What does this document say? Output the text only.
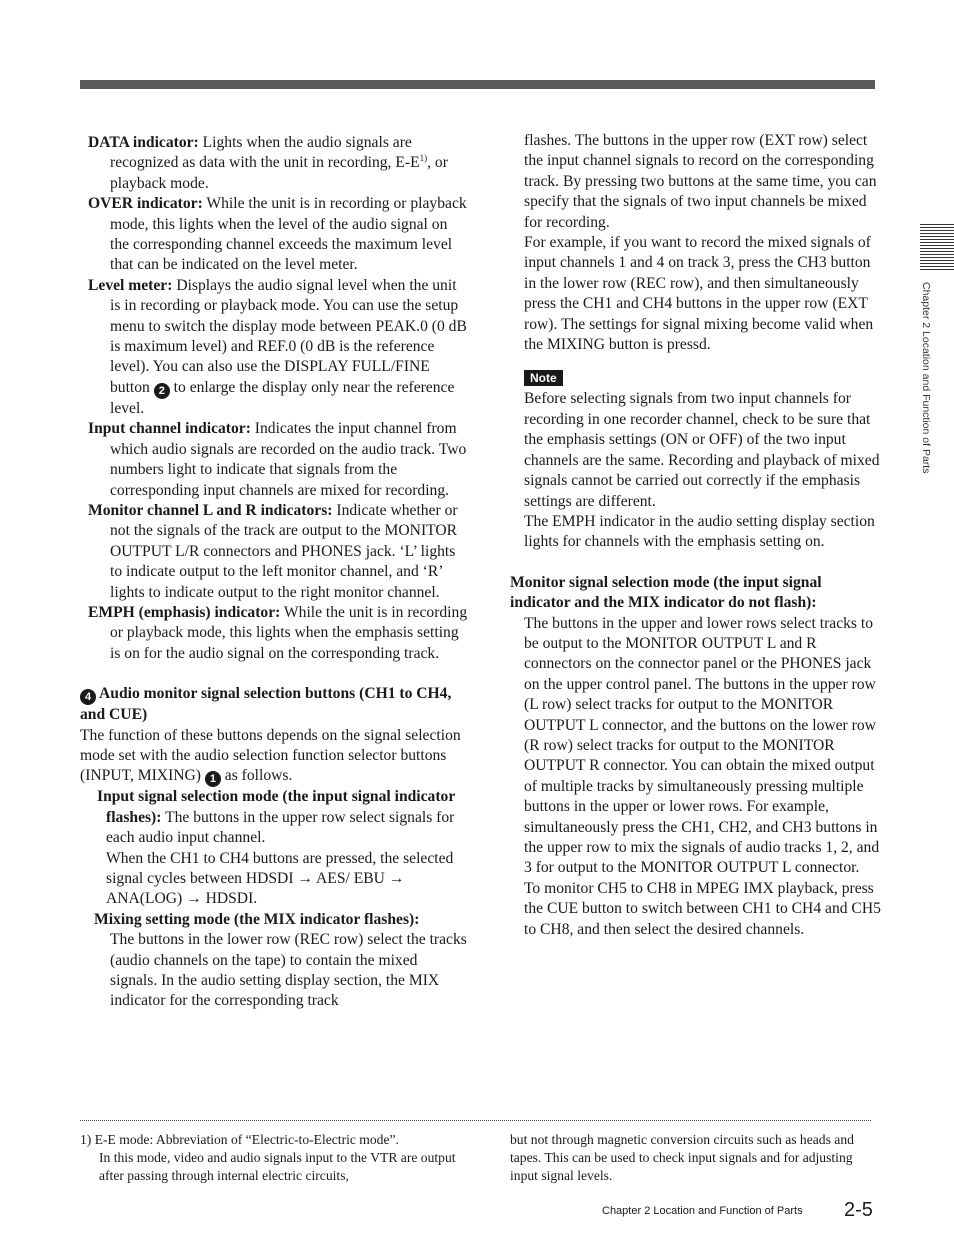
Chapter 2 Location and Function of Parts

DATA indicator: Lights when the audio signals are recognized as data with the unit in recording, $E-E^{1)}$, or playback mode.

OVER indicator: While the unit is in recording or playback mode, this lights when the level of the audio signal on the corresponding channel exceeds the maximum level that can be indicated on the level meter.

Level meter: Displays the audio signal level when the unit is in recording or playback mode. You can use the setup menu to switch the display mode between PEAK.0 (0 dB is maximum level) and REF.0 (0 dB is the reference level). You can also use the DISPLAY FULL/FINE button 2 to enlarge the display only near the reference level.

Input channel indicator: Indicates the input channel from which audio signals are recorded on the audio track. Two numbers light to indicate that signals from the corresponding input channels are mixed for recording.

Monitor channel L and R indicators: Indicate whether or not the signals of the track are output to the MONITOR OUTPUT L/R connectors and PHONES jack. ‘L’ lights to indicate output to the left monitor channel, and ‘R’ lights to indicate output to the right monitor channel.

EMPH (emphasis) indicator: While the unit is in recording or playback mode, this lights when the emphasis setting is on for the audio signal on the corresponding track.

4 Audio monitor signal selection buttons (CH1 to CH4, and CUE)

The function of these buttons depends on the signal selection mode set with the audio selection function selector buttons (INPUT, MIXING) 1 as follows.

Input signal selection mode (the input signal indicator flashes): The buttons in the upper row select signals for each audio input channel.

When the CH1 to CH4 buttons are pressed, the selected signal cycles between HDSDI → AES/ EBU → ANA(LOG) → HDSDI.

Mixing setting mode (the MIX indicator flashes):

The buttons in the lower row (REC row) select the tracks (audio channels on the tape) to contain the mixed signals. In the audio setting display section, the MIX indicator for the corresponding track

flashes. The buttons in the upper row (EXT row) select the input channel signals to record on the corresponding track. By pressing two buttons at the same time, you can specify that the signals of two input channels be mixed for recording.

For example, if you want to record the mixed signals of input channels 1 and 4 on track 3, press the CH3 button in the lower row (REC row), and then simultaneously press the CH1 and CH4 buttons in the upper row (EXT row). The settings for signal mixing become valid when the MIXING button is pressd.

Note

Before selecting signals from two input channels for recording in one recorder channel, check to be sure that the emphasis settings (ON or OFF) of the two input channels are the same. Recording and playback of mixed signals cannot be carried out correctly if the emphasis settings are different.

The EMPH indicator in the audio setting display section lights for channels with the emphasis setting on.

Monitor signal selection mode (the input signal indicator and the MIX indicator do not flash):

The buttons in the upper and lower rows select tracks to be output to the MONITOR OUTPUT L and R connectors on the connector panel or the PHONES jack on the upper control panel. The buttons in the upper row (L row) select tracks for output to the MONITOR OUTPUT L connector, and the buttons on the lower row (R row) select tracks for output to the MONITOR OUTPUT R connector. You can obtain the mixed output of multiple tracks by simultaneously pressing multiple buttons in the upper or lower rows. For example, simultaneously press the CH1, CH2, and CH3 buttons in the upper row to mix the signals of audio tracks 1, 2, and 3 for output to the MONITOR OUTPUT L connector.

To monitor CH5 to CH8 in MPEG IMX playback, press the CUE button to switch between CH1 to CH4 and CH5 to CH8, and then select the desired channels.

1) E-E mode: Abbreviation of “Electric-to-Electric mode”.
In this mode, video and audio signals input to the VTR are output after passing through internal electric circuits,
but not through magnetic conversion circuits such as heads and tapes. This can be used to check input signals and for adjusting input signal levels.
Chapter 2 Location and Function of Parts 2-5
